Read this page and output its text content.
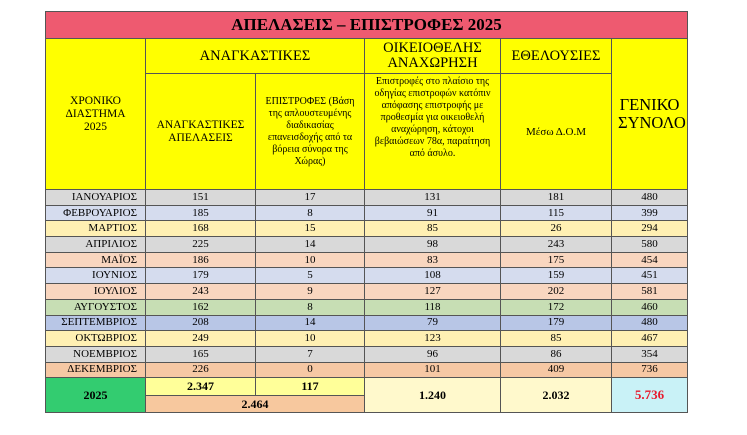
ΑΠΕΛΑΣΕΙΣ – ΕΠΙΣΤΡΟΦΕΣ 2025					

ΧΡΟΝΙΚΟ ΔΙΑΣΤΗΜΑ 2025	ΑΝΑΓΚΑΣΤΙΚΕΣ		ΟΙΚΕΙΟΘΕΛΗΣ ΑΝΑΧΩΡΗΣΗ	ΕΘΕΛΟΥΣΙΕΣ	ΓΕΝΙΚΟ ΣΥΝΟΛΟ

	ΑΝΑΓΚΑΣΤΙΚΕΣ ΑΠΕΛΑΣΕΙΣ	ΕΠΙΣΤΡΟΦΕΣ (Βάση της απλουστευμένης διαδικασίας επανεισδοχής από τα βόρεια σύνορα της Χώρας)	Επιστροφές στο πλαίσιο της οδηγίας επιστροφών κατόπιν απόφασης επιστροφής με προθεσμία για οικειοθελή αναχώρηση, κάτοχοι βεβαιώσεων 78α, παραίτηση από άσυλο.	Μέσω Δ.Ο.Μ	
ΙΑΝΟΥΑΡΙΟΣ	151	17	131	181	480
ΦΕΒΡΟΥΑΡΙΟΣ	185	8	91	115	399
ΜΑΡΤΙΟΣ	168	15	85	26	294
ΑΠΡΙΛΙΟΣ	225	14	98	243	580
ΜΑΪΟΣ	186	10	83	175	454
ΙΟΥΝΙΟΣ	179	5	108	159	451
ΙΟΥΛΙΟΣ	243	9	127	202	581
ΑΥΓΟΥΣΤΟΣ	162	8	118	172	460
ΣΕΠΤΕΜΒΡΙΟΣ	208	14	79	179	480
ΟΚΤΩΒΡΙΟΣ	249	10	123	85	467
ΝΟΕΜΒΡΙΟΣ	165	7	96	86	354
ΔΕΚΕΜΒΡΙΟΣ	226	0	101	409	736
2025	2.347	117	1.240	2.032	5.736
	2.464				
